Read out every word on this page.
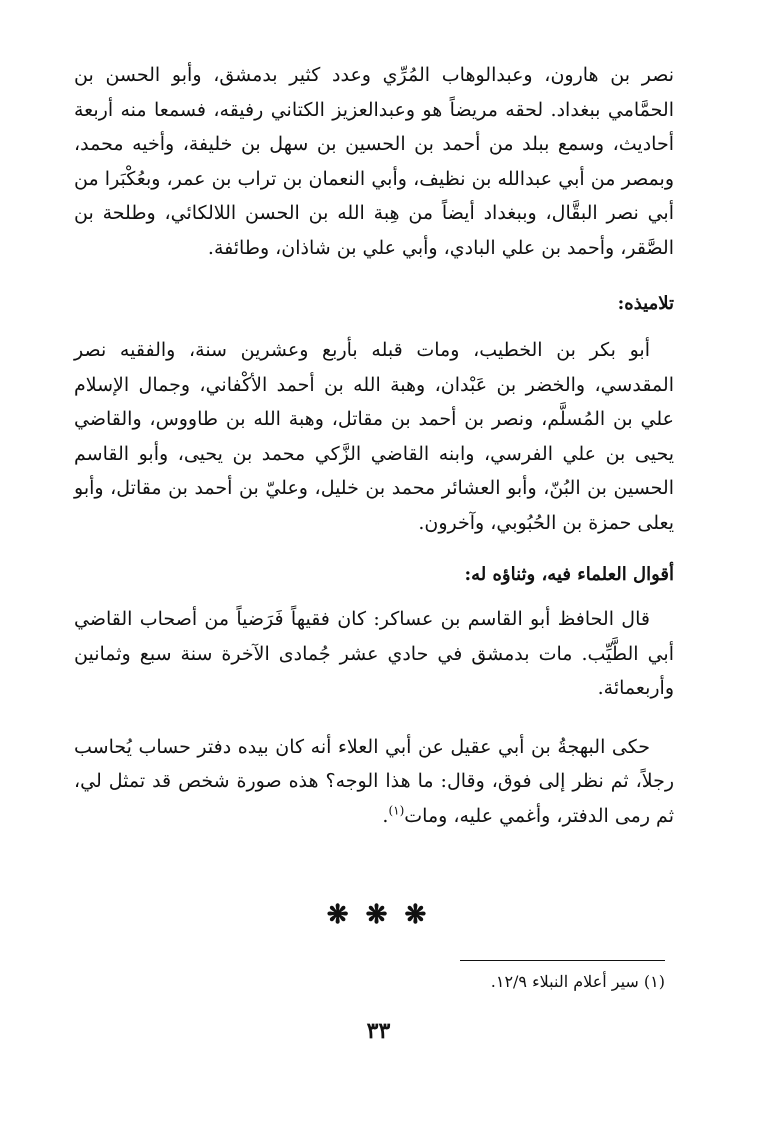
نصر بن هارون، وعبدالوهاب المُرِّي وعدد كثير بدمشق، وأبو الحسن بن الحمَّامي ببغداد. لحقه مريضاً هو وعبدالعزيز الكتاني رفيقه، فسمعا منه أربعة أحاديث، وسمع ببلد من أحمد بن الحسين بن سهل بن خليفة، وأخيه محمد، وبمصر من أبي عبدالله بن نظيف، وأبي النعمان بن تراب بن عمر، وبعُكْبَرا من أبي نصر البقَّال، وببغداد أيضاً من هِبة الله بن الحسن اللالكائي، وطلحة بن الصَّقر، وأحمد بن علي البادي، وأبي علي بن شاذان، وطائفة.

تلاميذه:

أبو بكر بن الخطيب، ومات قبله بأربع وعشرين سنة، والفقيه نصر المقدسي، والخضر بن عَبْدان، وهبة الله بن أحمد الأكْفاني، وجمال الإسلام علي بن المُسلَّم، ونصر بن أحمد بن مقاتل، وهبة الله بن طاووس، والقاضي يحيى بن علي الفرسي، وابنه القاضي الزَّكي محمد بن يحيى، وأبو القاسم الحسين بن البُنّ، وأبو العشائر محمد بن خليل، وعليّ بن أحمد بن مقاتل، وأبو يعلى حمزة بن الحُبُوبي، وآخرون.

أقوال العلماء فيه، وثناؤه له:

قال الحافظ أبو القاسم بن عساكر: كان فقيهاً فَرَضياً من أصحاب القاضي أبي الطَّيِّب. مات بدمشق في حادي عشر جُمادى الآخرة سنة سبع وثمانين وأربعمائة.

حكى البهجةُ بن أبي عقيل عن أبي العلاء أنه كان بيده دفتر حساب يُحاسب رجلاً، ثم نظر إلى فوق، وقال: ما هذا الوجه؟ هذه صورة شخص قد تمثل لي، ثم رمى الدفتر، وأغمي عليه، ومات$^{(١)}$.

❋ ❋ ❋
(١) سير أعلام النبلاء ١٢/٩.
٣٣
